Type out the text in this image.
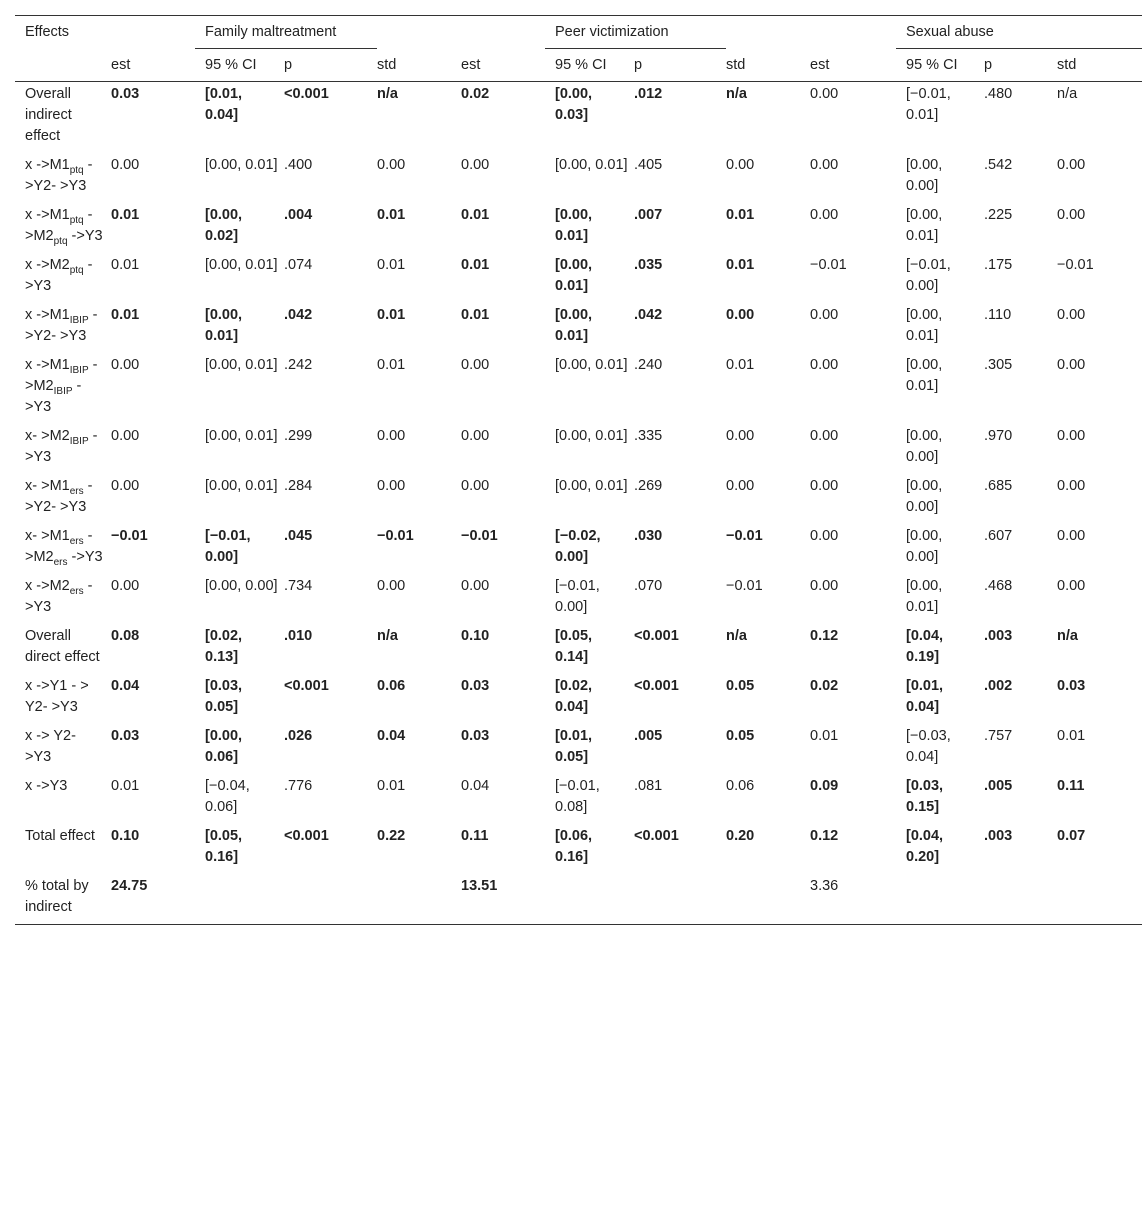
Effects		Family maltreatment				Peer victimization				Sexual abuse		
	est	95 % CI	p	std	est	95 % CI	p	std	est	95 % CI	p	std
Overall indirect effect	0.03	[0.01, 0.04]	<0.001	n/a	0.02	[0.00, 0.03]	.012	n/a	0.00	[−0.01, 0.01]	.480	n/a
x $->M1_{ptq}$ ->Y2- >Y3	0.00	[0.00, 0.01]	.400	0.00	0.00	[0.00, 0.01]	.405	0.00	0.00	[0.00, 0.00]	.542	0.00
x $->M1_{ptq}$ $->M2_{ptq}$ ->Y3	0.01	[0.00, 0.02]	.004	0.01	0.01	[0.00, 0.01]	.007	0.01	0.00	[0.00, 0.01]	.225	0.00
x $->M2_{ptq}$ ->Y3	0.01	[0.00, 0.01]	.074	0.01	0.01	[0.00, 0.01]	.035	0.01	−0.01	[−0.01, 0.00]	.175	−0.01
x $->M1_{IBIP}$ ->Y2- >Y3	0.01	[0.00, 0.01]	.042	0.01	0.01	[0.00, 0.01]	.042	0.00	0.00	[0.00, 0.01]	.110	0.00
x $->M1_{IBIP} - >M2_{IBIP}$ ->Y3	0.00	[0.00, 0.01]	.242	0.01	0.00	[0.00, 0.01]	.240	0.01	0.00	[0.00, 0.01]	.305	0.00
$x- >M2_{IBIP}$ ->Y3	0.00	[0.00, 0.01]	.299	0.00	0.00	[0.00, 0.01]	.335	0.00	0.00	[0.00, 0.00]	.970	0.00
$x- >M1_{ers}$ ->Y2- >Y3	0.00	[0.00, 0.01]	.284	0.00	0.00	[0.00, 0.01]	.269	0.00	0.00	[0.00, 0.00]	.685	0.00
$x- >M1_{ers}$ $->M2_{ers}$ ->Y3	−0.01	[−0.01, 0.00]	.045	−0.01	−0.01	[−0.02, 0.00]	.030	−0.01	0.00	[0.00, 0.00]	.607	0.00
x $->M2_{ers}$ ->Y3	0.00	[0.00, 0.00]	.734	0.00	0.00	[−0.01, 0.00]	.070	−0.01	0.00	[0.00, 0.01]	.468	0.00
Overall direct effect	0.08	[0.02, 0.13]	.010	n/a	0.10	[0.05, 0.14]	<0.001	n/a	0.12	[0.04, 0.19]	.003	n/a
x ->Y1 - > Y2- >Y3	0.04	[0.03, 0.05]	<0.001	0.06	0.03	[0.02, 0.04]	<0.001	0.05	0.02	[0.01, 0.04]	.002	0.03
x -> Y2- >Y3	0.03	[0.00, 0.06]	.026	0.04	0.03	[0.01, 0.05]	.005	0.05	0.01	[−0.03, 0.04]	.757	0.01
x ->Y3	0.01	[−0.04, 0.06]	.776	0.01	0.04	[−0.01, 0.08]	.081	0.06	0.09	[0.03, 0.15]	.005	0.11
Total effect	0.10	[0.05, 0.16]	<0.001	0.22	0.11	[0.06, 0.16]	<0.001	0.20	0.12	[0.04, 0.20]	.003	0.07
% total by indirect	24.75				13.51				3.36			
